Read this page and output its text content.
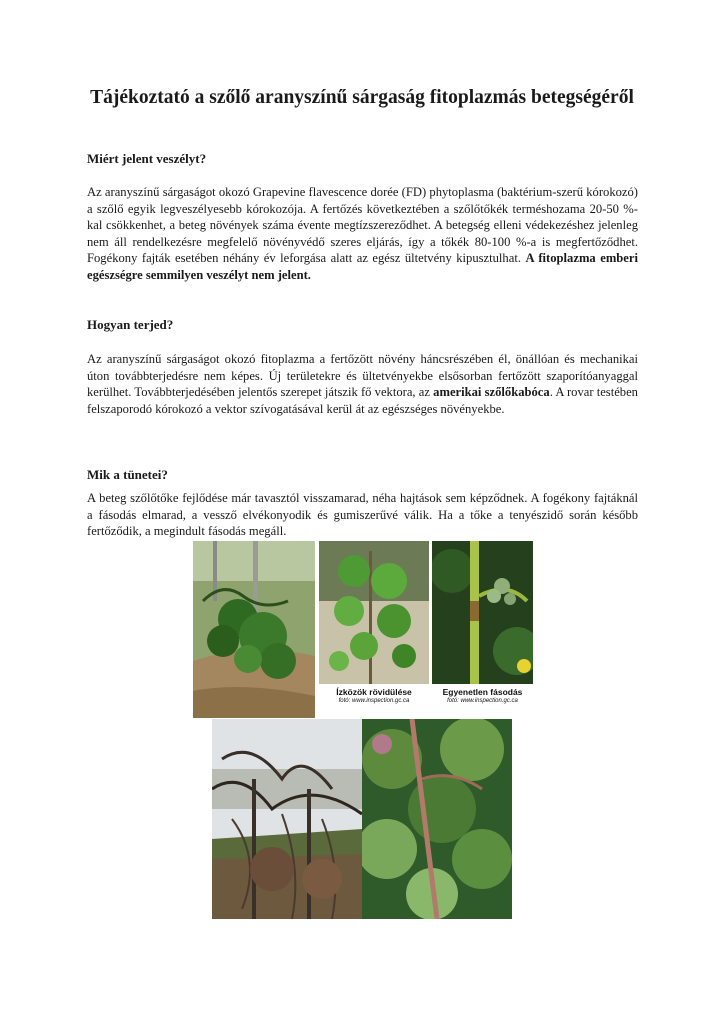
Tájékoztató a szőlő aranyszínű sárgaság fitoplazmás betegségéről
Miért jelent veszélyt?

Az aranyszínű sárgaságot okozó Grapevine flavescence dorée (FD) phytoplasma (baktérium-szerű kórokozó) a szőlő egyik legveszélyesebb kórokozója. A fertőzés következtében a szőlőtőkék terméshozama 20-50 %-kal csökkenhet, a beteg növények száma évente megtízszereződhet. A betegség elleni védekezéshez jelenleg nem áll rendelkezésre megfelelő növényvédő szeres eljárás, így a tőkék 80-100 %-a is megfertőződhet. Fogékony fajták esetében néhány év leforgása alatt az egész ültetvény kipusztulhat. A fitoplazma emberi egészségre semmilyen veszélyt nem jelent.

Hogyan terjed?

Az aranyszínű sárgaságot okozó fitoplazma a fertőzött növény háncsrészében él, önállóan és mechanikai úton továbbterjedésre nem képes. Új területekre és ültetvényekbe elsősorban fertőzött szaporítóanyaggal kerülhet. Továbbterjedésében jelentős szerepet játszik fő vektora, az amerikai szőlőkabóca. A rovar testében felszaporodó kórokozó a vektor szívogatásával kerül át az egészséges növényekbe.

Mik a tünetei?

A beteg szőlőtőke fejlődése már tavasztól visszamarad, néha hajtások sem képződnek. A fogékony fajtáknál a fásodás elmarad, a vessző elvékonyodik és gumiszerűvé válik. Ha a tőke a tenyészidő során később fertőződik, a megindult fásodás megáll.

Ízközök rövidülése
fotó: www.inspection.gc.ca
Egyenetlen fásodás
fotó: www.inspection.gc.ca
